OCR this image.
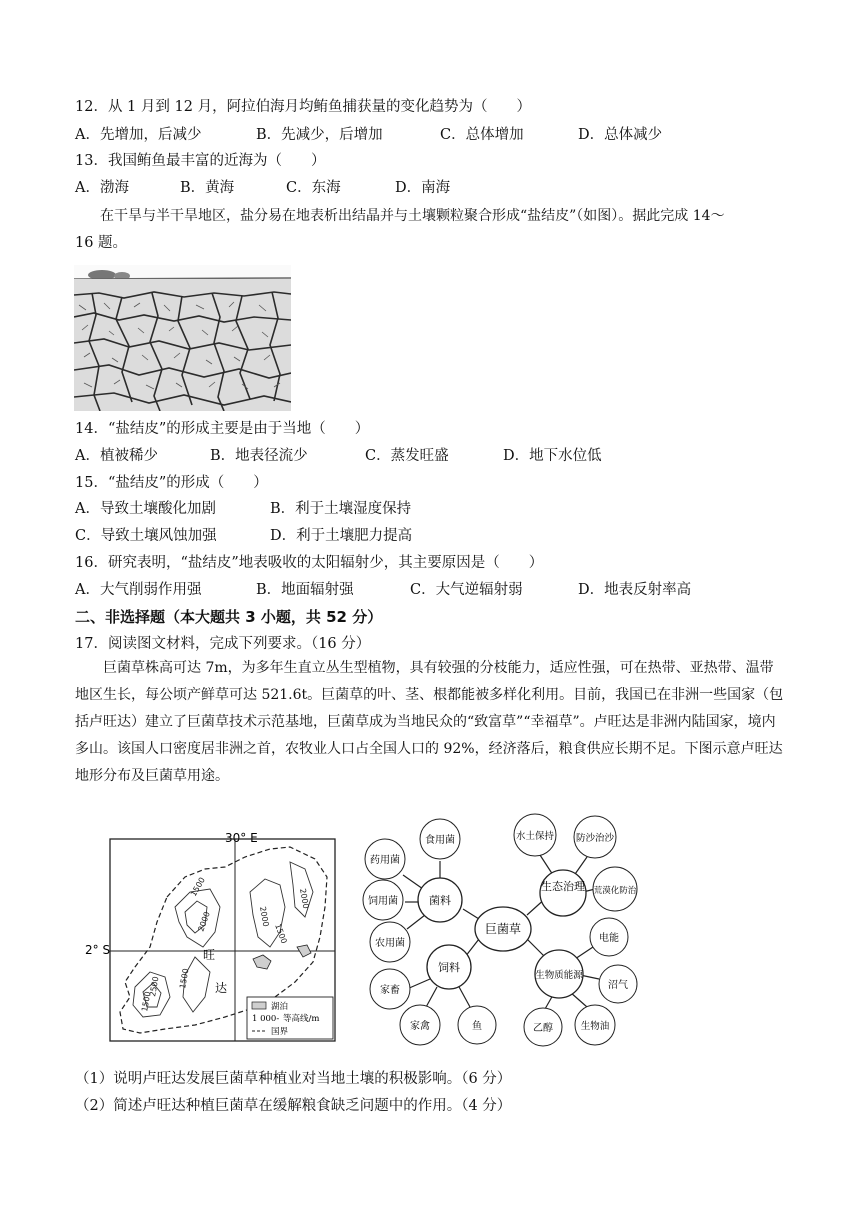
12．从 1 月到 12 月，阿拉伯海月均鲔鱼捕获量的变化趋势为（　　）
A．先增加，后减少	B．先减少，后增加	C．总体增加	D．总体减少
13．我国鲔鱼最丰富的近海为（　　）
A．渤海	B．黄海	C．东海	D．南海
在干旱与半干旱地区，盐分易在地表析出结晶并与土壤颗粒聚合形成“盐结皮”（如图）。据此完成 14～
16 题。
14．“盐结皮”的形成主要是由于当地（　　）
A．植被稀少	B．地表径流少	C．蒸发旺盛	D．地下水位低
15．“盐结皮”的形成（　　）
A．导致土壤酸化加剧	B．利于土壤湿度保持
C．导致土壤风蚀加强	D．利于土壤肥力提高
16．研究表明，“盐结皮”地表吸收的太阳辐射少，其主要原因是（　　）
A．大气削弱作用强	B．地面辐射强	C．大气逆辐射弱	D．地表反射率高
二、非选择题（本大题共 3 小题，共 52 分）
17．阅读图文材料，完成下列要求。（16 分）
巨菌草株高可达 7m，为多年生直立丛生型植物，具有较强的分枝能力，适应性强，可在热带、亚热带、温带地区生长，每公顷产鲜草可达 521.6t。巨菌草的叶、茎、根都能被多样化利用。目前，我国已在非洲一些国家（包括卢旺达）建立了巨菌草技术示范基地，巨菌草成为当地民众的“致富草”“幸福草”。卢旺达是非洲内陆国家，境内多山。该国人口密度居非洲之首，农牧业人口占全国人口的 92%，经济落后，粮食供应长期不足。下图示意卢旺达地形分布及巨菌草用途。
30° E
2° S
1500
2000	2000
1500
2000
1500
1500
2500
旺
达
湖泊
1 000- 等高线/m
国界
巨菌草
菌料
食用菌
药用菌
饲用菌
农用菌
饲料
家畜
家禽	鱼
生态治理
水土保持 防沙治沙
荒漠化防治
生物质能源
电能
沼气
生物油
乙醇
（1）说明卢旺达发展巨菌草种植业对当地土壤的积极影响。（6 分）
（2）简述卢旺达种植巨菌草在缓解粮食缺乏问题中的作用。（4 分）
